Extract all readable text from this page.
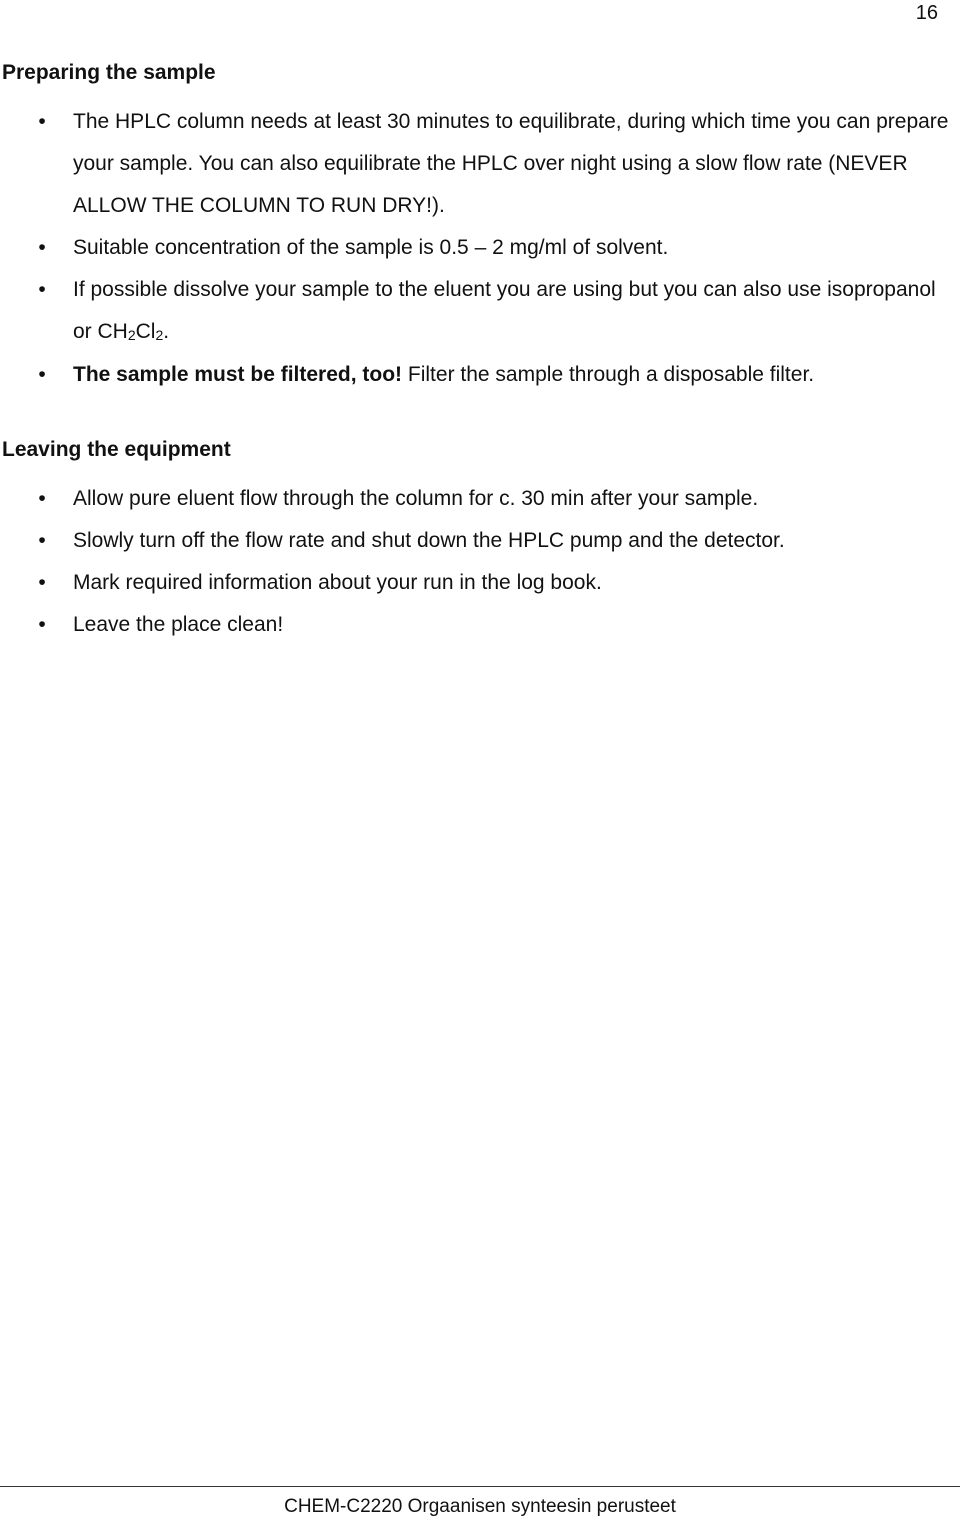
16
Preparing the sample
• The HPLC column needs at least 30 minutes to equilibrate, during which time you can prepare your sample. You can also equilibrate the HPLC over night using a slow flow rate (NEVER ALLOW THE COLUMN TO RUN DRY!).
• Suitable concentration of the sample is 0.5 – 2 mg/ml of solvent.
• If possible dissolve your sample to the eluent you are using but you can also use isopropanol or $CH_2Cl_2$.
• The sample must be filtered, too! Filter the sample through a disposable filter.
Leaving the equipment
• Allow pure eluent flow through the column for c. 30 min after your sample.
• Slowly turn off the flow rate and shut down the HPLC pump and the detector.
• Mark required information about your run in the log book.
• Leave the place clean!
CHEM-C2220 Orgaanisen synteesin perusteet
